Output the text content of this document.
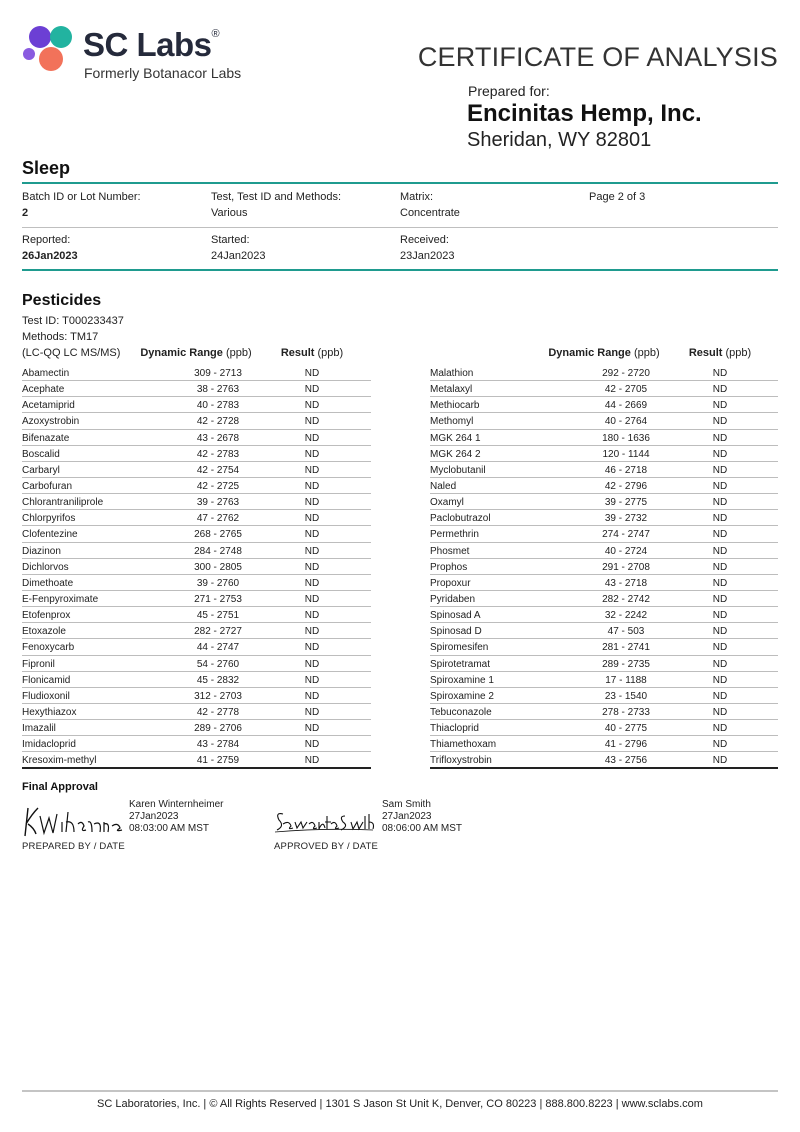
SC Labs®
Formerly Botanacor Labs
CERTIFICATE OF ANALYSIS
Prepared for:
Encinitas Hemp, Inc.
Sheridan, WY 82801
Sleep
Batch ID or Lot Number:
2
Test, Test ID and Methods:
Various
Matrix:
Concentrate
Page 2 of 3
Reported:
26Jan2023
Started:
24Jan2023
Received:
23Jan2023
Pesticides
Test ID: T000233437
Methods: TM17
(LC-QQ LC MS/MS)	Dynamic Range (ppb)	Result (ppb)	Dynamic Range (ppb)	Result (ppb)
Abamectin	309 - 2713	ND
Acephate	38 - 2763	ND
Acetamiprid	40 - 2783	ND
Azoxystrobin	42 - 2728	ND
Bifenazate	43 - 2678	ND
Boscalid	42 - 2783	ND
Carbaryl	42 - 2754	ND
Carbofuran	42 - 2725	ND
Chlorantraniliprole	39 - 2763	ND
Chlorpyrifos	47 - 2762	ND
Clofentezine	268 - 2765	ND
Diazinon	284 - 2748	ND
Dichlorvos	300 - 2805	ND
Dimethoate	39 - 2760	ND
E-Fenpyroximate	271 - 2753	ND
Etofenprox	45 - 2751	ND
Etoxazole	282 - 2727	ND
Fenoxycarb	44 - 2747	ND
Fipronil	54 - 2760	ND
Flonicamid	45 - 2832	ND
Fludioxonil	312 - 2703	ND
Hexythiazox	42 - 2778	ND
Imazalil	289 - 2706	ND
Imidacloprid	43 - 2784	ND
Kresoxim-methyl	41 - 2759	ND
Malathion	292 - 2720	ND
Metalaxyl	42 - 2705	ND
Methiocarb	44 - 2669	ND
Methomyl	40 - 2764	ND
MGK 264 1	180 - 1636	ND
MGK 264 2	120 - 1144	ND
Myclobutanil	46 - 2718	ND
Naled	42 - 2796	ND
Oxamyl	39 - 2775	ND
Paclobutrazol	39 - 2732	ND
Permethrin	274 - 2747	ND
Phosmet	40 - 2724	ND
Prophos	291 - 2708	ND
Propoxur	43 - 2718	ND
Pyridaben	282 - 2742	ND
Spinosad A	32 - 2242	ND
Spinosad D	47 - 503	ND
Spiromesifen	281 - 2741	ND
Spirotetramat	289 - 2735	ND
Spiroxamine 1	17 - 1188	ND
Spiroxamine 2	23 - 1540	ND
Tebuconazole	278 - 2733	ND
Thiacloprid	40 - 2775	ND
Thiamethoxam	41 - 2796	ND
Trifloxystrobin	43 - 2756	ND
Final Approval
Karen Winternheimer
27Jan2023
08:03:00 AM MST
PREPARED BY / DATE
Sam Smith
27Jan2023
08:06:00 AM MST
APPROVED BY / DATE
SC Laboratories, Inc. | © All Rights Reserved | 1301 S Jason St Unit K, Denver, CO 80223 | 888.800.8223 | www.sclabs.com
